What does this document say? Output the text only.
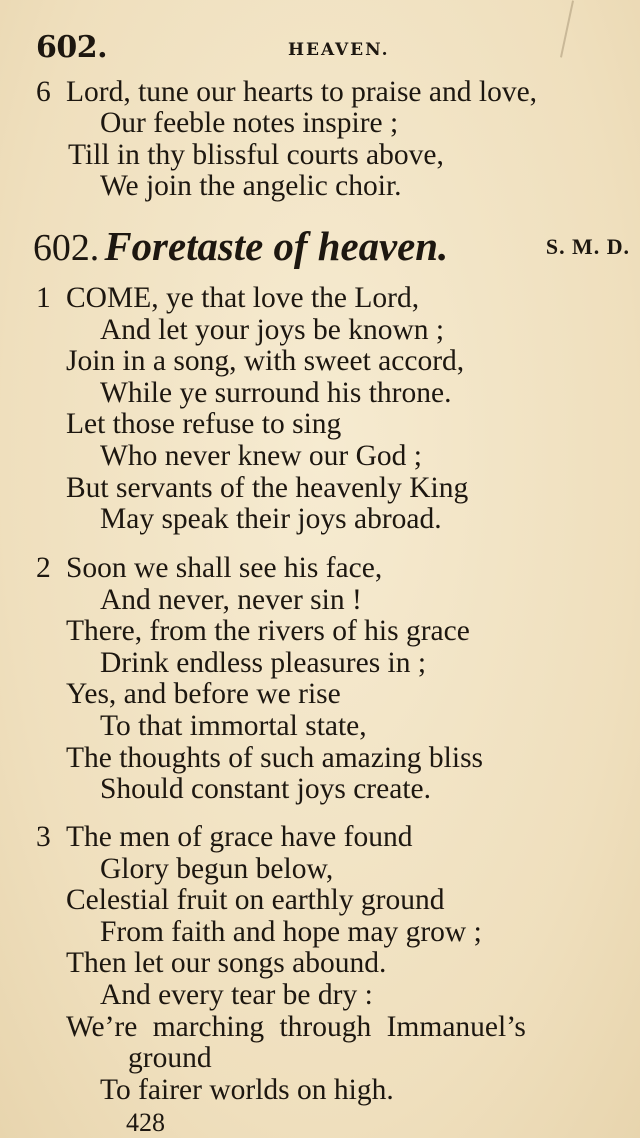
602.	HEAVEN.
6 Lord, tune our hearts to praise and love,
Our feeble notes inspire ;
Till in thy blissful courts above,
We join the angelic choir.
602. Foretaste of heaven.	S. M. D.
1 COME, ye that love the Lord,
And let your joys be known ;
Join in a song, with sweet accord,
While ye surround his throne.
Let those refuse to sing
Who never knew our God ;
But servants of the heavenly King
May speak their joys abroad.
2 Soon we shall see his face,
And never, never sin !
There, from the rivers of his grace
Drink endless pleasures in ;
Yes, and before we rise
To that immortal state,
The thoughts of such amazing bliss
Should constant joys create.
3 The men of grace have found
Glory begun below,
Celestial fruit on earthly ground
From faith and hope may grow ;
Then let our songs abound.
And every tear be dry :
We’re marching through Immanuel’s
ground
To fairer worlds on high.
428
